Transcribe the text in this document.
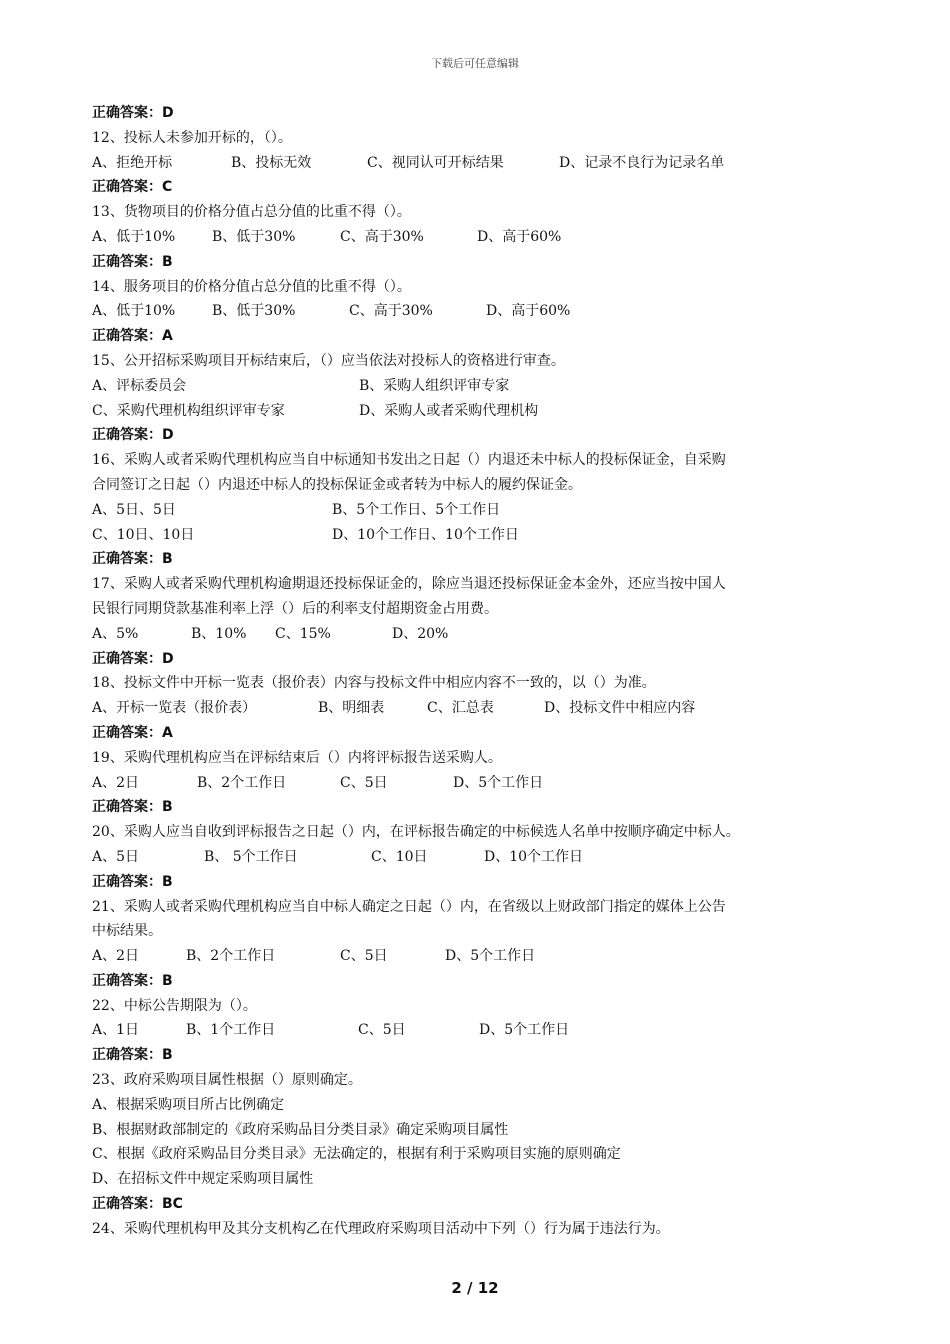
下载后可任意编辑
正确答案：D
12、投标人未参加开标的，（）。
A、拒绝开标	B、投标无效	C、视同认可开标结果	D、记录不良行为记录名单
正确答案：C
13、货物项目的价格分值占总分值的比重不得（）。
A、低于10%	B、低于30%	C、高于30%	D、高于60%
正确答案：B
14、服务项目的价格分值占总分值的比重不得（）。
A、低于10%	B、低于30%	C、高于30%	D、高于60%
正确答案：A
15、公开招标采购项目开标结束后，（）应当依法对投标人的资格进行审查。
A、评标委员会	B、采购人组织评审专家
C、采购代理机构组织评审专家	D、采购人或者采购代理机构
正确答案：D
16、采购人或者采购代理机构应当自中标通知书发出之日起（）内退还未中标人的投标保证金，自采购
合同签订之日起（）内退还中标人的投标保证金或者转为中标人的履约保证金。
A、5日、5日	B、5个工作日、5个工作日
C、10日、10日	D、10个工作日、10个工作日
正确答案：B
17、采购人或者采购代理机构逾期退还投标保证金的，除应当退还投标保证金本金外，还应当按中国人
民银行同期贷款基准利率上浮（）后的利率支付超期资金占用费。
A、5%	B、10% C、15%	D、20%
正确答案：D
18、投标文件中开标一览表（报价表）内容与投标文件中相应内容不一致的，以（）为准。
A、开标一览表（报价表）	B、明细表	C、汇总表	D、投标文件中相应内容
正确答案：A
19、采购代理机构应当在评标结束后（）内将评标报告送采购人。
A、2日	B、2个工作日	C、5日	D、5个工作日
正确答案：B
20、采购人应当自收到评标报告之日起（）内，在评标报告确定的中标候选人名单中按顺序确定中标人。
A、5日	B、 5个工作日	C、10日	D、10个工作日
正确答案：B
21、采购人或者采购代理机构应当自中标人确定之日起（）内，在省级以上财政部门指定的媒体上公告
中标结果。
A、2日	B、2个工作日	C、5日	D、5个工作日
正确答案：B
22、中标公告期限为（）。
A、1日	B、1个工作日	C、5日	D、5个工作日
正确答案：B
23、政府采购项目属性根据（）原则确定。
A、根据采购项目所占比例确定
B、根据财政部制定的《政府采购品目分类目录》确定采购项目属性
C、根据《政府采购品目分类目录》无法确定的，根据有利于采购项目实施的原则确定
D、在招标文件中规定采购项目属性
正确答案：BC
24、采购代理机构甲及其分支机构乙在代理政府采购项目活动中下列（）行为属于违法行为。
2 / 12
